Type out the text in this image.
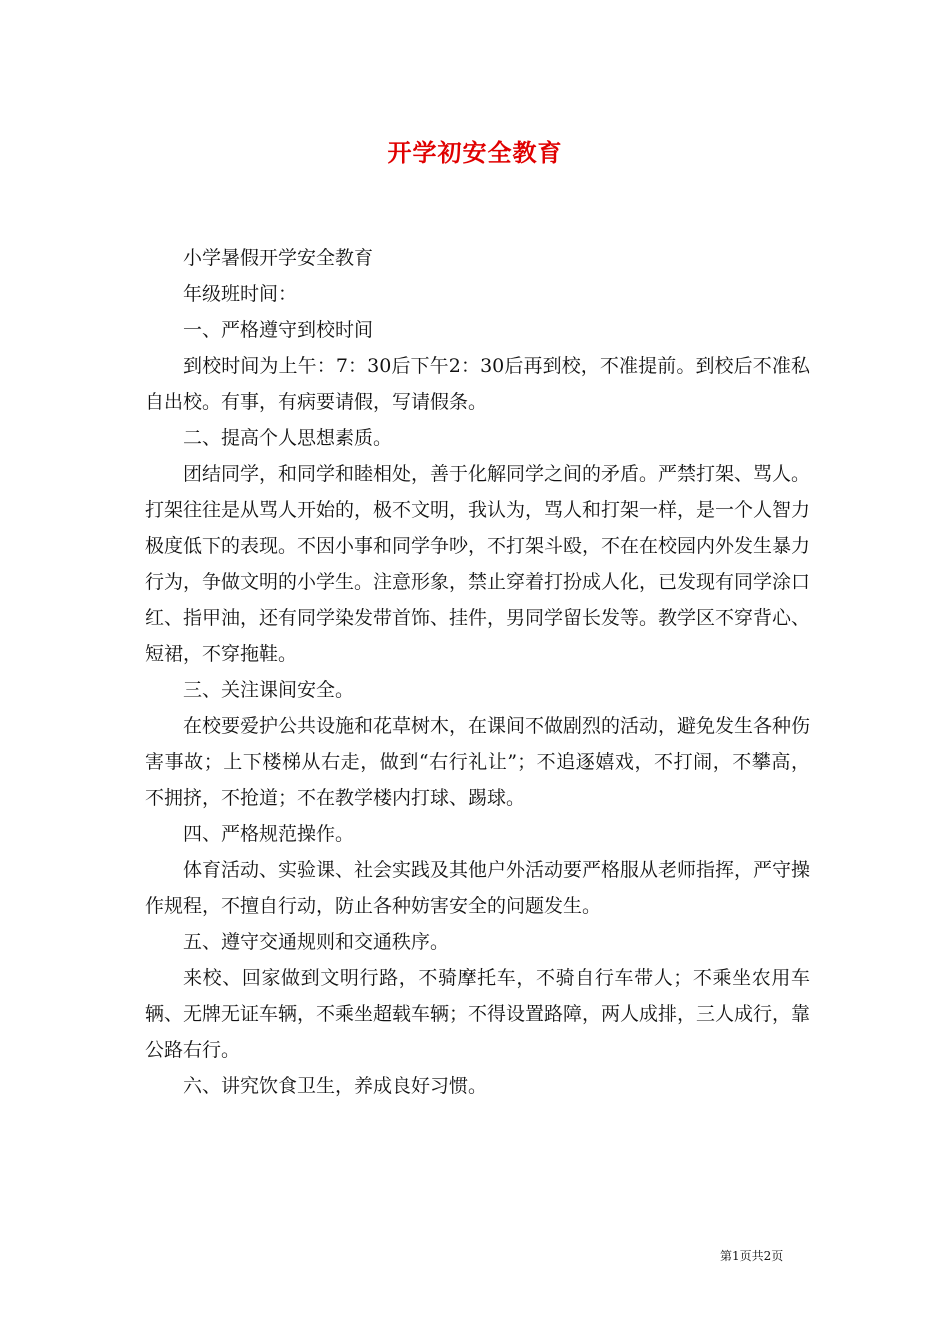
开学初安全教育

小学暑假开学安全教育

年级班时间：

一、严格遵守到校时间

到校时间为上午：7：30后下午2：30后再到校，不准提前。到校后不准私自出校。有事，有病要请假，写请假条。

二、提高个人思想素质。

团结同学，和同学和睦相处，善于化解同学之间的矛盾。严禁打架、骂人。打架往往是从骂人开始的，极不文明，我认为，骂人和打架一样，是一个人智力极度低下的表现。不因小事和同学争吵，不打架斗殴，不在在校园内外发生暴力行为，争做文明的小学生。注意形象，禁止穿着打扮成人化，已发现有同学涂口红、指甲油，还有同学染发带首饰、挂件，男同学留长发等。教学区不穿背心、短裙，不穿拖鞋。

三、关注课间安全。

在校要爱护公共设施和花草树木，在课间不做剧烈的活动，避免发生各种伤害事故；上下楼梯从右走，做到“右行礼让”；不追逐嬉戏，不打闹，不攀高，不拥挤，不抢道；不在教学楼内打球、踢球。

四、严格规范操作。

体育活动、实验课、社会实践及其他户外活动要严格服从老师指挥，严守操作规程，不擅自行动，防止各种妨害安全的问题发生。

五、遵守交通规则和交通秩序。

来校、回家做到文明行路，不骑摩托车，不骑自行车带人；不乘坐农用车辆、无牌无证车辆，不乘坐超载车辆；不得设置路障，两人成排，三人成行，靠公路右行。

六、讲究饮食卫生，养成良好习惯。

第1页共2页
